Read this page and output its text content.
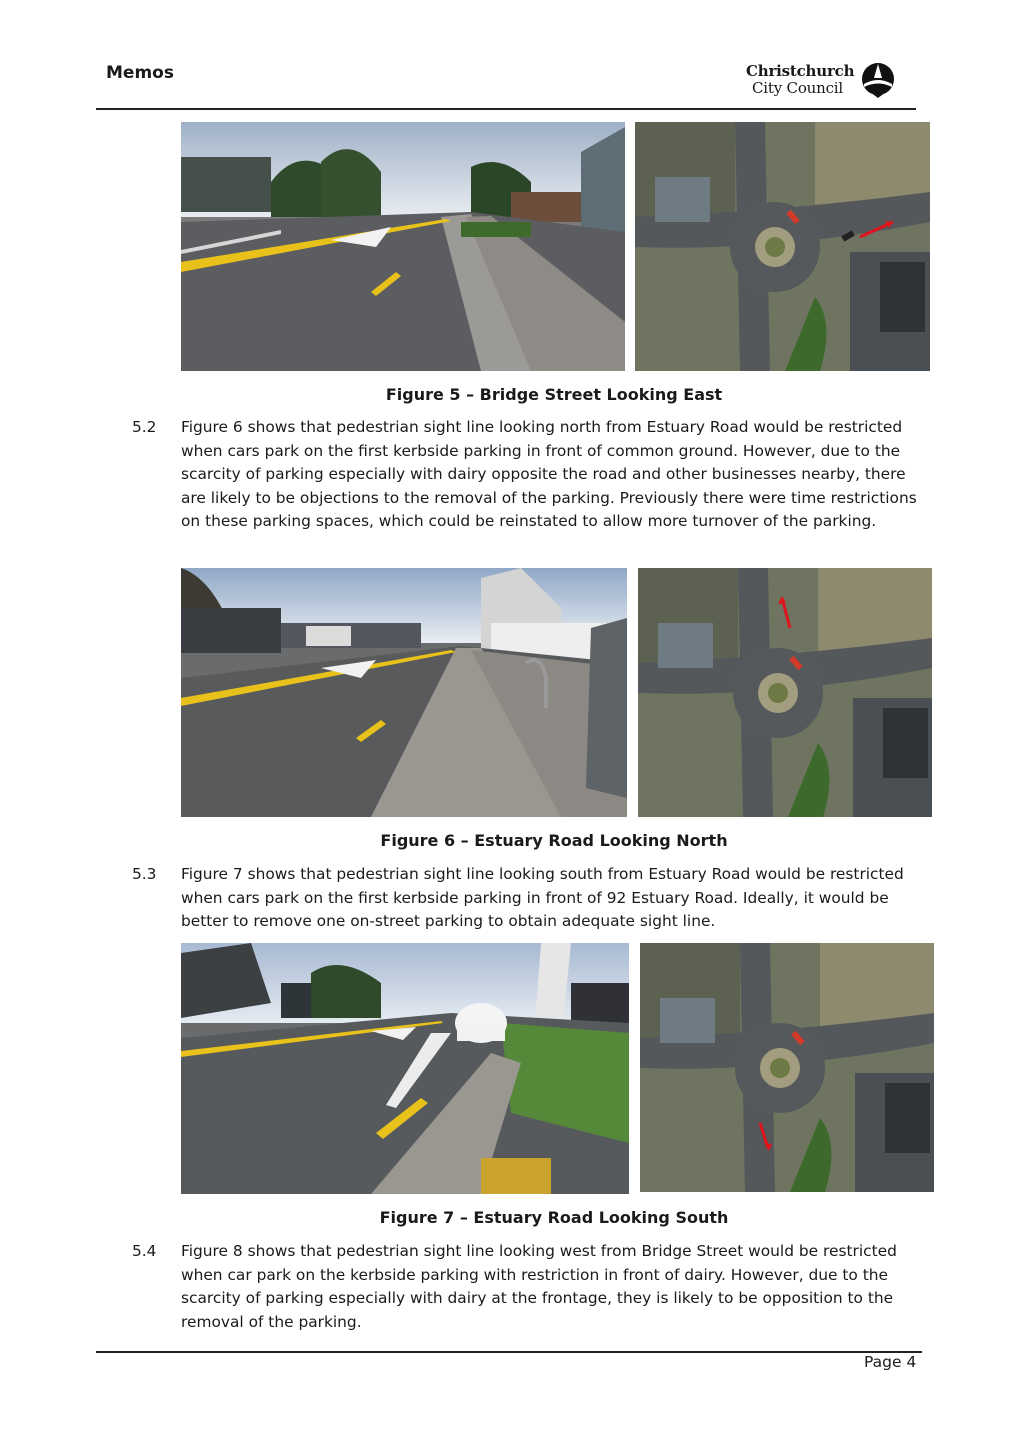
Memos	Christchurch
City Council
Figure 5 – Bridge Street Looking East
5.2	Figure 6 shows that pedestrian sight line looking north from Estuary Road would be restricted when cars park on the first kerbside parking in front of common ground. However, due to the scarcity of parking especially with dairy opposite the road and other businesses nearby, there are likely to be objections to the removal of the parking. Previously there were time restrictions on these parking spaces, which could be reinstated to allow more turnover of the parking.
Figure 6 – Estuary Road Looking North
5.3	Figure 7 shows that pedestrian sight line looking south from Estuary Road would be restricted when cars park on the first kerbside parking in front of 92 Estuary Road. Ideally, it would be better to remove one on-street parking to obtain adequate sight line.
Figure 7 – Estuary Road Looking South
5.4	Figure 8 shows that pedestrian sight line looking west from Bridge Street would be restricted when car park on the kerbside parking with restriction in front of dairy. However, due to the scarcity of parking especially with dairy at the frontage, they is likely to be opposition to the removal of the parking.
Page 4
